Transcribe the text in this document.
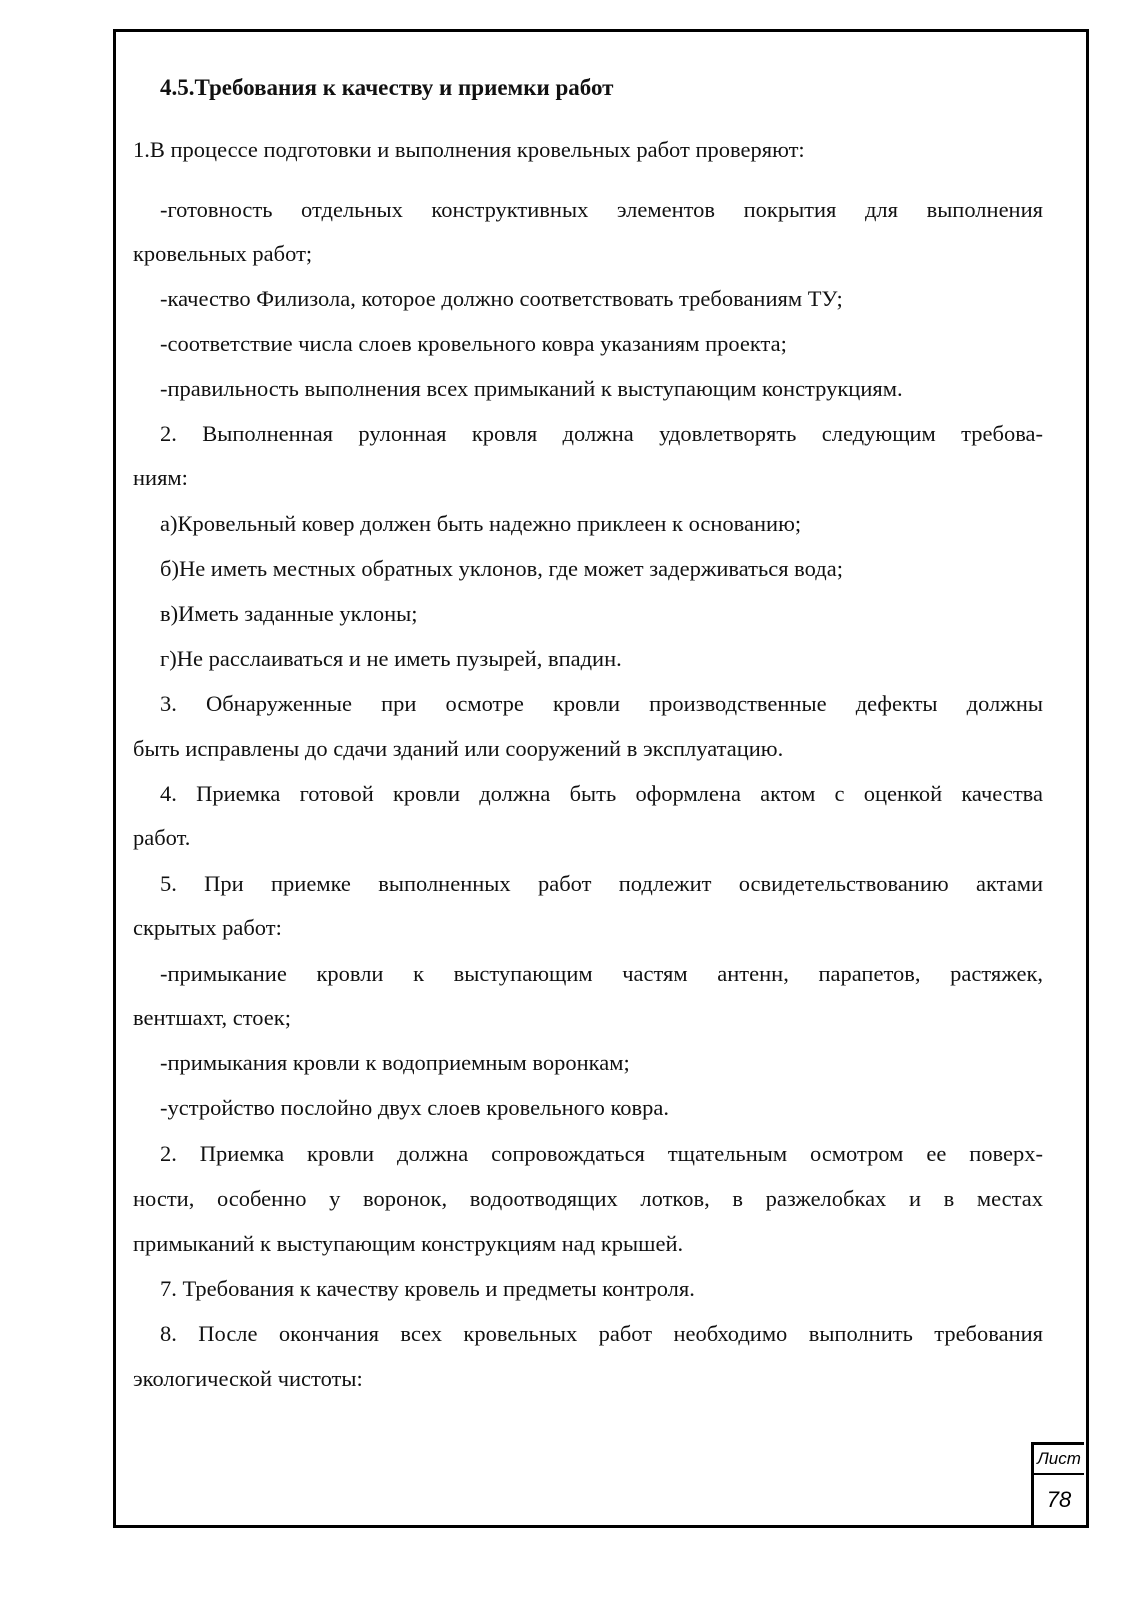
4.5.Требования к качеству и приемки работ
1.В процессе подготовки и выполнения кровельных работ проверяют:
-готовность отдельных конструктивных элементов покрытия для выполнения
кровельных работ;
-качество Филизола, которое должно соответствовать требованиям ТУ;
-соответствие числа слоев кровельного ковра указаниям проекта;
-правильность выполнения всех примыканий к выступающим конструкциям.
2. Выполненная рулонная кровля должна удовлетворять следующим требова-
ниям:
а)Кровельный ковер должен быть надежно приклеен к основанию;
б)Не иметь местных обратных уклонов, где может задерживаться вода;
в)Иметь заданные уклоны;
г)Не расслаиваться и не иметь пузырей, впадин.
3. Обнаруженные при осмотре кровли производственные дефекты должны
быть исправлены до сдачи зданий или сооружений в эксплуатацию.
4. Приемка готовой кровли должна быть оформлена актом с оценкой качества
работ.
5. При приемке выполненных работ подлежит освидетельствованию актами
скрытых работ:
-примыкание кровли к выступающим частям антенн, парапетов, растяжек,
вентшахт, стоек;
-примыкания кровли к водоприемным воронкам;
-устройство послойно двух слоев кровельного ковра.
2. Приемка кровли должна сопровождаться тщательным осмотром ее поверх-
ности, особенно у воронок, водоотводящих лотков, в разжелобках и в местах
примыканий к выступающим конструкциям над крышей.
7. Требования к качеству кровель и предметы контроля.
8. После окончания всех кровельных работ необходимо выполнить требования
экологической чистоты:
Лист
78
